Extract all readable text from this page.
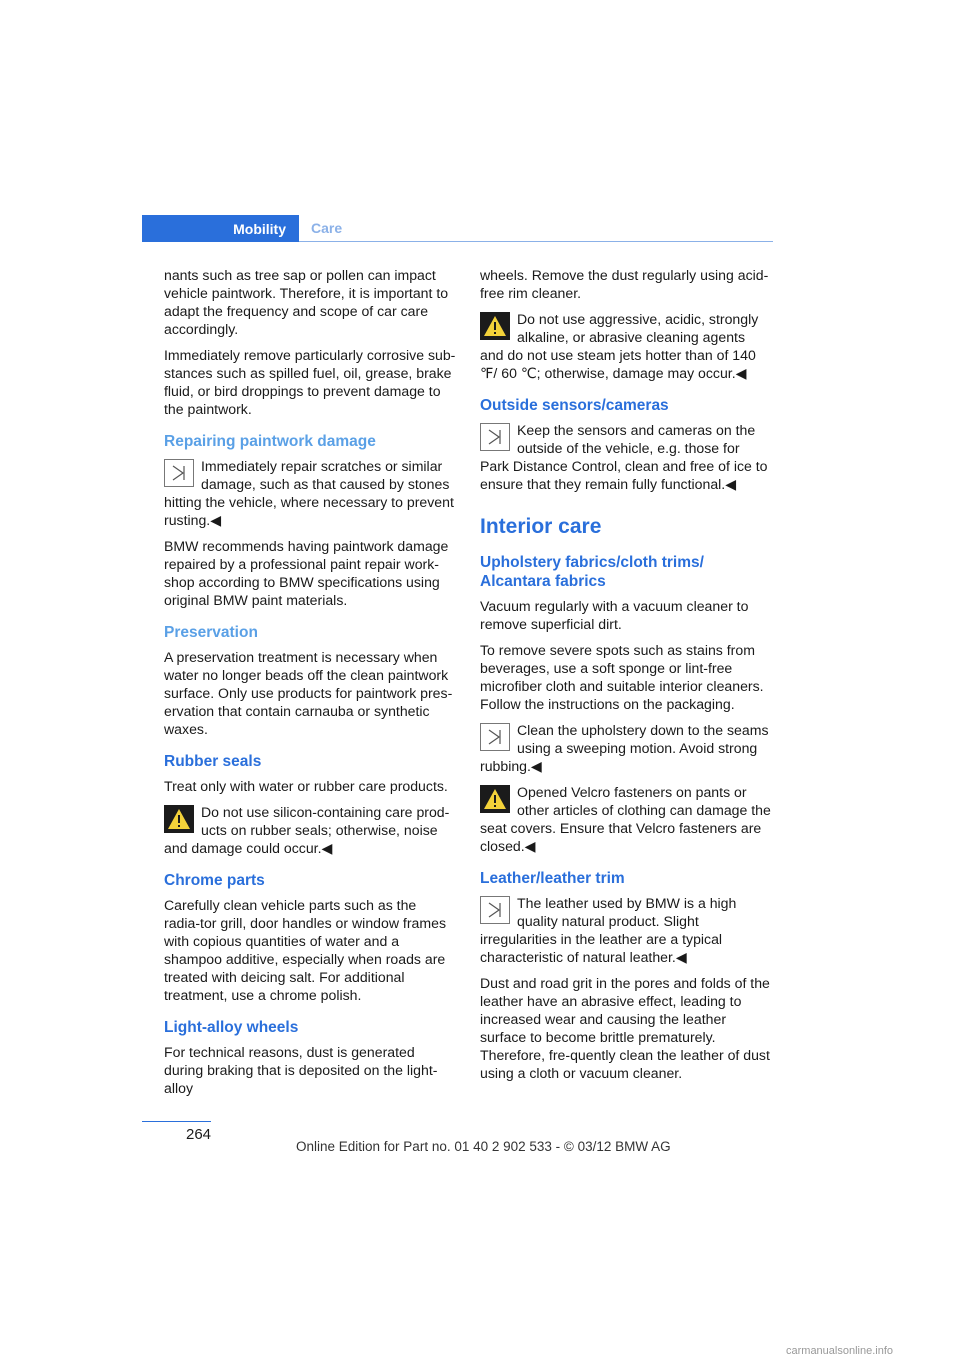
Mobility	Care

nants such as tree sap or pollen can impact vehicle paintwork. Therefore, it is important to adapt the frequency and scope of car care accordingly.

Immediately remove particularly corrosive sub-stances such as spilled fuel, oil, grease, brake fluid, or bird droppings to prevent damage to the paintwork.

Repairing paintwork damage
Immediately repair scratches or similar damage, such as that caused by stones hitting the vehicle, where necessary to prevent rusting.◀

BMW recommends having paintwork damage repaired by a professional paint repair work-shop according to BMW specifications using original BMW paint materials.

Preservation

A preservation treatment is necessary when water no longer beads off the clean paintwork surface. Only use products for paintwork pres-ervation that contain carnauba or synthetic waxes.

Rubber seals

Treat only with water or rubber care products.

Do not use silicon-containing care prod-ucts on rubber seals; otherwise, noise and damage could occur.◀
Chrome parts

Carefully clean vehicle parts such as the radia-tor grill, door handles or window frames with copious quantities of water and a shampoo additive, especially when roads are treated with deicing salt. For additional treatment, use a chrome polish.

Light-alloy wheels

For technical reasons, dust is generated during braking that is deposited on the light-alloy

wheels. Remove the dust regularly using acid-free rim cleaner.

Do not use aggressive, acidic, strongly alkaline, or abrasive cleaning agents and do not use steam jets hotter than of 140 ℉/ 60 ℃; otherwise, damage may occur.◀
Outside sensors/cameras
Keep the sensors and cameras on the outside of the vehicle, e.g. those for Park Distance Control, clean and free of ice to ensure that they remain fully functional.◀
Interior care
Upholstery fabrics/cloth trims/ Alcantara fabrics

Vacuum regularly with a vacuum cleaner to remove superficial dirt.

To remove severe spots such as stains from beverages, use a soft sponge or lint-free microfiber cloth and suitable interior cleaners. Follow the instructions on the packaging.

Clean the upholstery down to the seams using a sweeping motion. Avoid strong rubbing.◀
Opened Velcro fasteners on pants or other articles of clothing can damage the seat covers. Ensure that Velcro fasteners are closed.◀
Leather/leather trim
The leather used by BMW is a high quality natural product. Slight irregularities in the leather are a typical characteristic of natural leather.◀

Dust and road grit in the pores and folds of the leather have an abrasive effect, leading to increased wear and causing the leather surface to become brittle prematurely. Therefore, fre-quently clean the leather of dust using a cloth or vacuum cleaner.

264
Online Edition for Part no. 01 40 2 902 533 - © 03/12 BMW AG
carmanualsonline.info
